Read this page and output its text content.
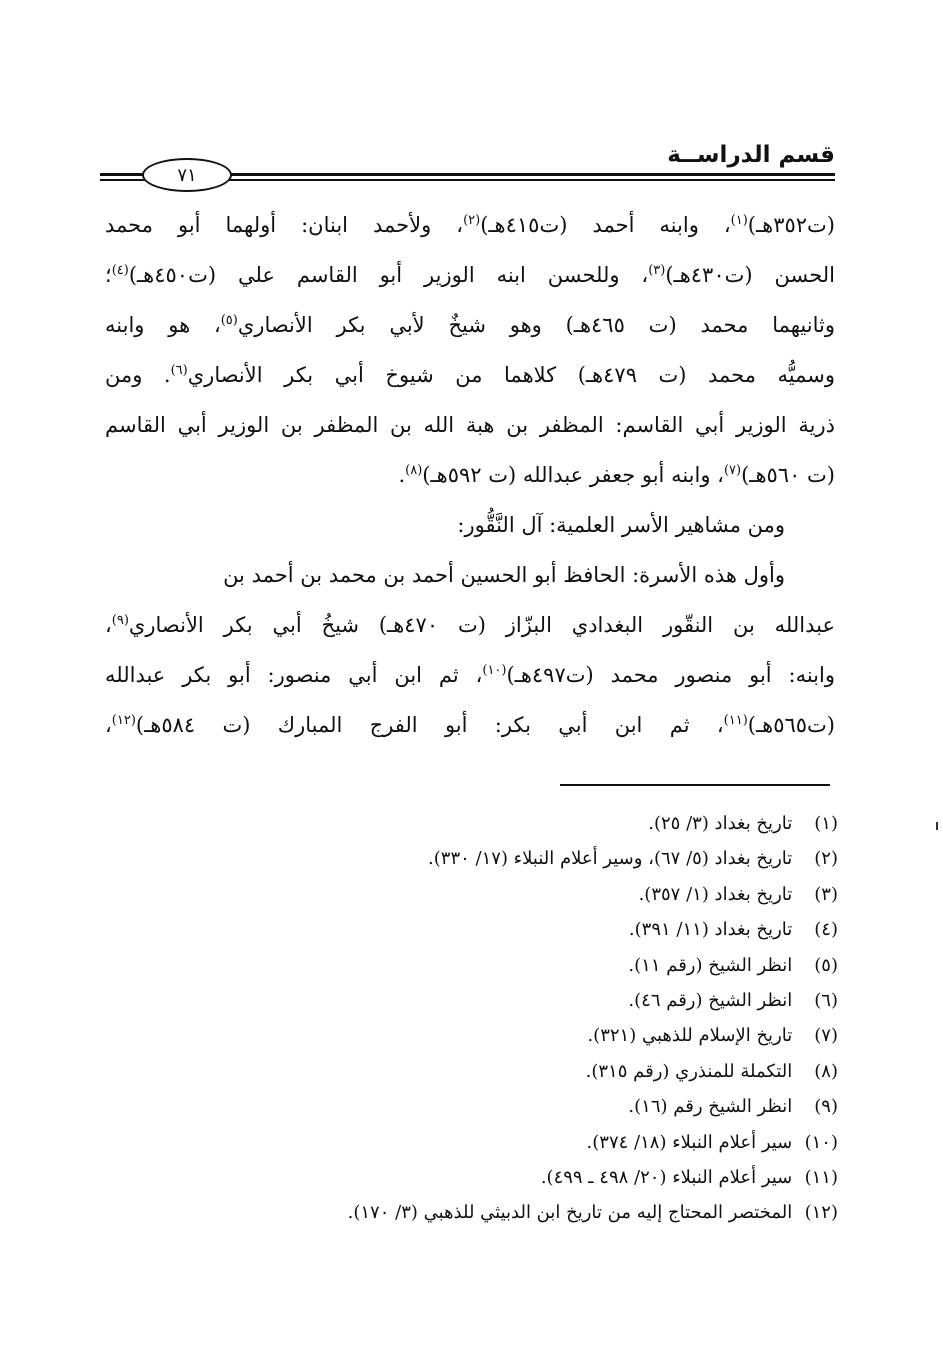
قسم الدراســة
٧١
(ت٣٥٢هـ)$^{(١)}$، وابنه أحمد (ت٤١٥هـ)$^{(٢)}$، ولأحمد ابنان: أولهما أبو محمد
الحسن (ت٤٣٠هـ)$^{(٣)}$، وللحسن ابنه الوزير أبو القاسم علي (ت٤٥٠هـ)$^{(٤)}$؛
وثانيهما محمد (ت ٤٦٥هـ) وهو شيخٌ لأبي بكر الأنصاري$^{(٥)}$، هو وابنه
وسميُّه محمد (ت ٤٧٩هـ) كلاهما من شيوخ أبي بكر الأنصاري$^{(٦)}$. ومن
ذرية الوزير أبي القاسم: المظفر بن هبة الله بن المظفر بن الوزير أبي القاسم
(ت ٥٦٠هـ)$^{(٧)}$، وابنه أبو جعفر عبدالله (ت ٥٩٢هـ)$^{(٨)}$.
ومن مشاهير الأسر العلمية: آل النَّقُّور:
وأول هذه الأسرة: الحافظ أبو الحسين أحمد بن محمد بن أحمد بن
عبدالله بن النقّور البغدادي البزّاز (ت ٤٧٠هـ) شيخُ أبي بكر الأنصاري$^{(٩)}$،
وابنه: أبو منصور محمد (ت٤٩٧هـ)$^{(١٠)}$، ثم ابن أبي منصور: أبو بكر عبدالله
(ت٥٦٥هـ)$^{(١١)}$، ثم ابن أبي بكر: أبو الفرج المبارك (ت ٥٨٤هـ)$^{(١٢)}$،
(١) تاريخ بغداد (٣/ ٢٥).
(٢) تاريخ بغداد (٥/ ٦٧)، وسير أعلام النبلاء (١٧/ ٣٣٠).
(٣) تاريخ بغداد (١/ ٣٥٧).
(٤) تاريخ بغداد (١١/ ٣٩١).
(٥) انظر الشيخ (رقم ١١).
(٦) انظر الشيخ (رقم ٤٦).
(٧) تاريخ الإسلام للذهبي (٣٢١).
(٨) التكملة للمنذري (رقم ٣١٥).
(٩) انظر الشيخ رقم (١٦).
(١٠) سير أعلام النبلاء (١٨/ ٣٧٤).
(١١) سير أعلام النبلاء (٢٠/ ٤٩٨ ـ ٤٩٩).
(١٢) المختصر المحتاج إليه من تاريخ ابن الدبيثي للذهبي (٣/ ١٧٠).
